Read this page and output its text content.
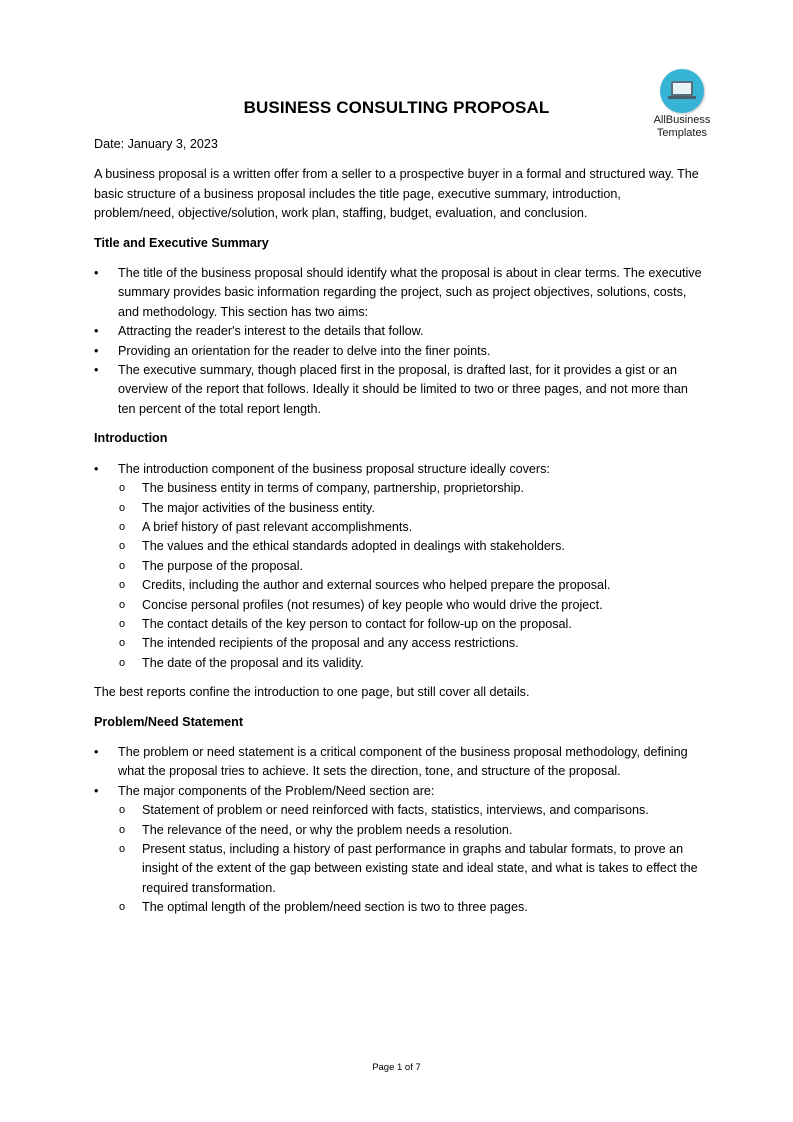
AllBusiness
Templates
BUSINESS CONSULTING PROPOSAL
Date: January 3, 2023

A business proposal is a written offer from a seller to a prospective buyer in a formal and structured way. The basic structure of a business proposal includes the title page, executive summary, introduction, problem/need, objective/solution, work plan, staffing, budget, evaluation, and conclusion.

Title and Executive Summary
• The title of the business proposal should identify what the proposal is about in clear terms. The executive summary provides basic information regarding the project, such as project objectives, solutions, costs, and methodology. This section has two aims:
• Attracting the reader's interest to the details that follow.
• Providing an orientation for the reader to delve into the finer points.
• The executive summary, though placed first in the proposal, is drafted last, for it provides a gist or an overview of the report that follows. Ideally it should be limited to two or three pages, and not more than ten percent of the total report length.
Introduction
• The introduction component of the business proposal structure ideally covers:
o The business entity in terms of company, partnership, proprietorship.
o The major activities of the business entity.
o A brief history of past relevant accomplishments.
o The values and the ethical standards adopted in dealings with stakeholders.
o The purpose of the proposal.
o Credits, including the author and external sources who helped prepare the proposal.
o Concise personal profiles (not resumes) of key people who would drive the project.
o The contact details of the key person to contact for follow-up on the proposal.
o The intended recipients of the proposal and any access restrictions.
o The date of the proposal and its validity.

The best reports confine the introduction to one page, but still cover all details.

Problem/Need Statement
• The problem or need statement is a critical component of the business proposal methodology, defining what the proposal tries to achieve. It sets the direction, tone, and structure of the proposal.
• The major components of the Problem/Need section are:
o Statement of problem or need reinforced with facts, statistics, interviews, and comparisons.
o The relevance of the need, or why the problem needs a resolution.
o Present status, including a history of past performance in graphs and tabular formats, to prove an insight of the extent of the gap between existing state and ideal state, and what is takes to effect the required transformation.
o The optimal length of the problem/need section is two to three pages.
Page 1 of 7
